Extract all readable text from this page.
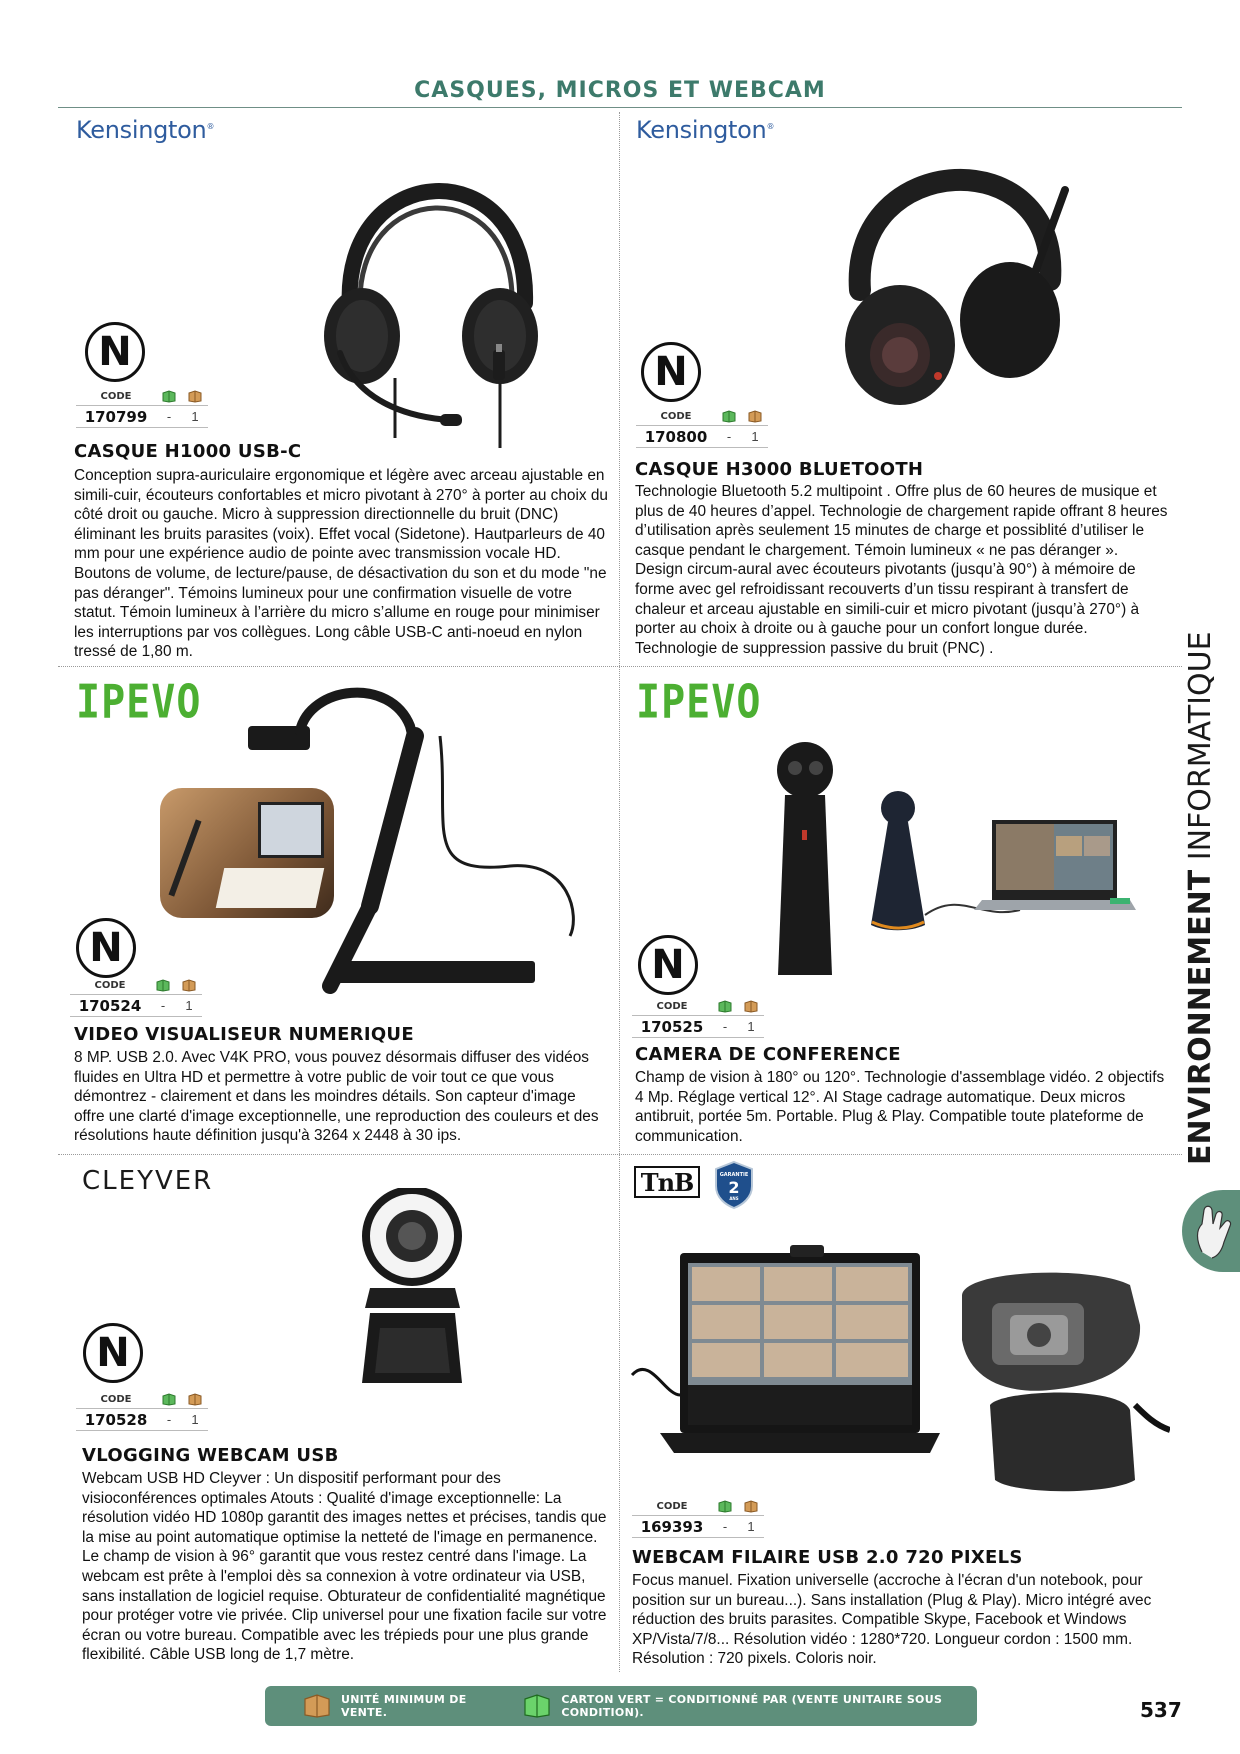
CASQUES, MICROS ET WEBCAM
Kensington®
N
CODE
170799	-	1
CASQUE H1000 USB-C
Conception supra-auriculaire ergonomique et légère avec arceau ajustable en simili-cuir, écouteurs confortables et micro pivotant à 270° à porter au choix du côté droit ou gauche. Micro à suppression directionnelle du bruit (DNC) éliminant les bruits parasites (voix). Effet vocal (Sidetone). Hautparleurs de 40 mm pour une expérience audio de pointe avec transmission vocale HD. Boutons de volume, de lecture/pause, de désactivation du son et du mode "ne pas déranger". Témoins lumineux pour une confirmation visuelle de votre statut. Témoin lumineux à l’arrière du micro s’allume en rouge pour minimiser les interruptions par vos collègues. Long câble USB-C anti-noeud en nylon tressé de 1,80 m.
Kensington®
N
CODE
170800	-	1
CASQUE H3000 BLUETOOTH
Technologie Bluetooth 5.2 multipoint . Offre plus de 60 heures de musique et plus de 40 heures d’appel. Technologie de chargement rapide offrant 8 heures d’utilisation après seulement 15 minutes de charge et possiblité d’utiliser le casque pendant le chargement. Témoin lumineux « ne pas déranger ». Design circum-aural avec écouteurs pivotants (jusqu’à 90°) à mémoire de forme avec gel refroidissant recouverts d’un tissu respirant à transfert de chaleur et arceau ajustable en simili-cuir et micro pivotant (jusqu’à 270°) à porter au choix à droite ou à gauche pour un confort longue durée. Technologie de suppression passive du bruit (PNC) .
IPEVO
N
CODE
170524	-	1
VIDEO VISUALISEUR NUMERIQUE
8 MP. USB 2.0. Avec V4K PRO, vous pouvez désormais diffuser des vidéos fluides en Ultra HD et permettre à votre public de voir tout ce que vous démontrez - clairement et dans les moindres détails. Son capteur d'image offre une clarté d'image exceptionnelle, une reproduction des couleurs et des résolutions haute définition jusqu'à 3264 x 2448 à 30 ips.
IPEVO
N
CODE
170525	-	1
CAMERA DE CONFERENCE
Champ de vision à 180° ou 120°. Technologie d'assemblage vidéo. 2 objectifs 4 Mp. Réglage vertical 12°. AI Stage cadrage automatique. Deux micros antibruit, portée 5m. Portable. Plug & Play. Compatible toute plateforme de communication.
CLEYVER
N
CODE
170528	-	1
VLOGGING WEBCAM USB
Webcam USB HD Cleyver : Un dispositif performant pour des visioconférences optimales Atouts : Qualité d'image exceptionnelle: La résolution vidéo HD 1080p garantit des images nettes et précises, tandis que la mise au point automatique optimise la netteté de l'image en permanence. Le champ de vision à 96° garantit que vous restez centré dans l'image. La webcam est prête à l'emploi dès sa connexion à votre ordinateur via USB, sans installation de logiciel requise. Obturateur de confidentialité magnétique pour protéger votre vie privée. Clip universel pour une fixation facile sur votre écran ou votre bureau. Compatible avec les trépieds pour une plus grande flexibilité. Câble USB long de 1,7 mètre.
TnB	GARANTIE
2
ANS
CODE
169393	-	1
WEBCAM FILAIRE USB 2.0 720 PIXELS
Focus manuel. Fixation universelle (accroche à l'écran d'un notebook, pour position sur un bureau...). Sans installation (Plug & Play). Micro intégré avec réduction des bruits parasites. Compatible Skype, Facebook et Windows XP/Vista/7/8... Résolution vidéo : 1280*720. Longueur cordon : 1500 mm. Résolution : 720 pixels. Coloris noir.
ENVIRONNEMENT INFORMATIQUE
UNITÉ MINIMUM DE VENTE.
CARTON VERT = CONDITIONNÉ PAR (VENTE UNITAIRE SOUS CONDITION).	537
